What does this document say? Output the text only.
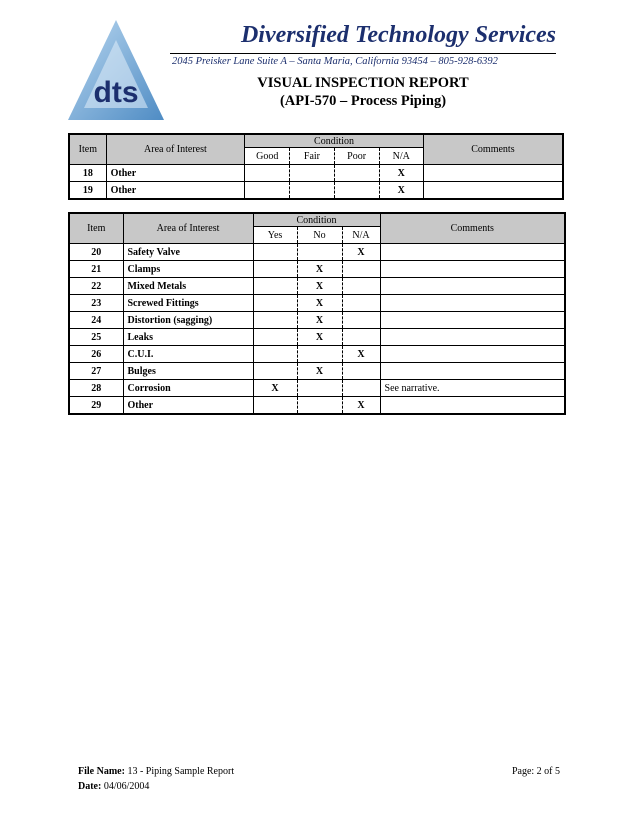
dts
Diversified Technology Services
2045 Preisker Lane Suite A – Santa Maria, California 93454 – 805-928-6392
VISUAL INSPECTION REPORT
(API-570 – Process Piping)
Item	Area of Interest	Condition				Comments
		Good	Fair	Poor	N/A	
18	Other				X	
19	Other				X	
Item	Area of Interest	Condition			Comments
		Yes	No	N/A	
20	Safety Valve			X	
21	Clamps		X		
22	Mixed Metals		X		
23	Screwed Fittings		X		
24	Distortion (sagging)		X		
25	Leaks		X		
26	C.U.I.			X	
27	Bulges		X		
28	Corrosion	X			See narrative.
29	Other			X	
File Name: 13 - Piping Sample Report
Date: 04/06/2004
Page: 2 of 5
